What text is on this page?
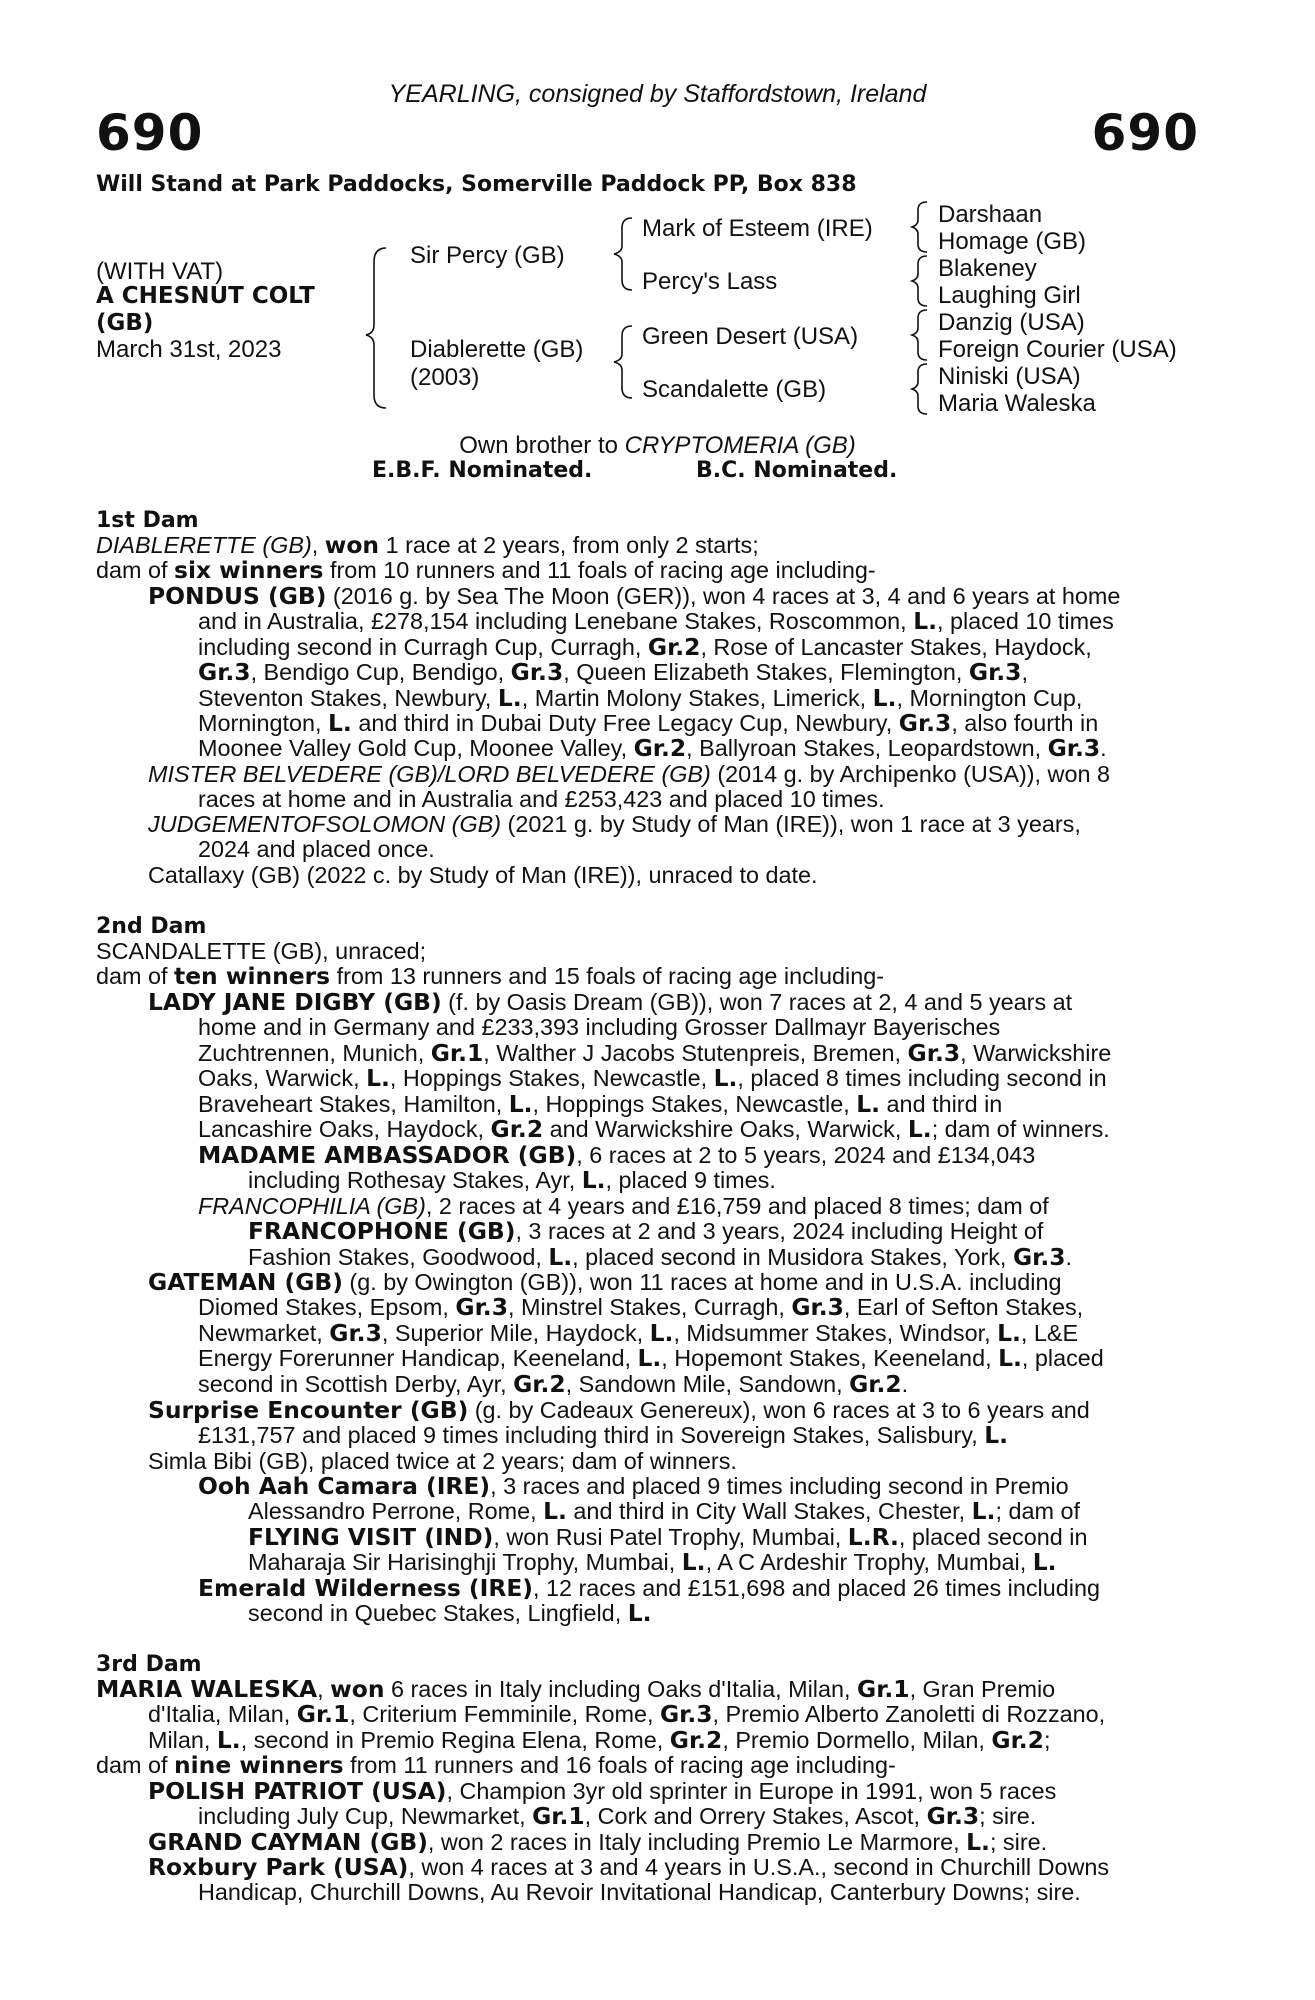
YEARLING, consigned by Staffordstown, Ireland
690	690
Will Stand at Park Paddocks, Somerville Paddock PP, Box 838
(WITH VAT)
A CHESNUT COLT
(GB)
March 31st, 2023
Sir Percy (GB)
Diablerette (GB)
(2003)
Mark of Esteem (IRE)
Percy's Lass
Green Desert (USA)
Scandalette (GB)
Darshaan
Homage (GB)
Blakeney
Laughing Girl
Danzig (USA)
Foreign Courier (USA)
Niniski (USA)
Maria Waleska
Own brother to CRYPTOMERIA (GB)
E.B.F. Nominated.	B.C. Nominated.
1st Dam
DIABLERETTE (GB), won 1 race at 2 years, from only 2 starts;
dam of six winners from 10 runners and 11 foals of racing age including-
PONDUS (GB) (2016 g. by Sea The Moon (GER)), won 4 races at 3, 4 and 6 years at home
and in Australia, £278,154 including Lenebane Stakes, Roscommon, L., placed 10 times
including second in Curragh Cup, Curragh, Gr.2, Rose of Lancaster Stakes, Haydock,
Gr.3, Bendigo Cup, Bendigo, Gr.3, Queen Elizabeth Stakes, Flemington, Gr.3,
Steventon Stakes, Newbury, L., Martin Molony Stakes, Limerick, L., Mornington Cup,
Mornington, L. and third in Dubai Duty Free Legacy Cup, Newbury, Gr.3, also fourth in
Moonee Valley Gold Cup, Moonee Valley, Gr.2, Ballyroan Stakes, Leopardstown, Gr.3.
MISTER BELVEDERE (GB)/LORD BELVEDERE (GB) (2014 g. by Archipenko (USA)), won 8
races at home and in Australia and £253,423 and placed 10 times.
JUDGEMENTOFSOLOMON (GB) (2021 g. by Study of Man (IRE)), won 1 race at 3 years,
2024 and placed once.
Catallaxy (GB) (2022 c. by Study of Man (IRE)), unraced to date.
2nd Dam
SCANDALETTE (GB), unraced;
dam of ten winners from 13 runners and 15 foals of racing age including-
LADY JANE DIGBY (GB) (f. by Oasis Dream (GB)), won 7 races at 2, 4 and 5 years at
home and in Germany and £233,393 including Grosser Dallmayr Bayerisches
Zuchtrennen, Munich, Gr.1, Walther J Jacobs Stutenpreis, Bremen, Gr.3, Warwickshire
Oaks, Warwick, L., Hoppings Stakes, Newcastle, L., placed 8 times including second in
Braveheart Stakes, Hamilton, L., Hoppings Stakes, Newcastle, L. and third in
Lancashire Oaks, Haydock, Gr.2 and Warwickshire Oaks, Warwick, L.; dam of winners.
MADAME AMBASSADOR (GB), 6 races at 2 to 5 years, 2024 and £134,043
including Rothesay Stakes, Ayr, L., placed 9 times.
FRANCOPHILIA (GB), 2 races at 4 years and £16,759 and placed 8 times; dam of
FRANCOPHONE (GB), 3 races at 2 and 3 years, 2024 including Height of
Fashion Stakes, Goodwood, L., placed second in Musidora Stakes, York, Gr.3.
GATEMAN (GB) (g. by Owington (GB)), won 11 races at home and in U.S.A. including
Diomed Stakes, Epsom, Gr.3, Minstrel Stakes, Curragh, Gr.3, Earl of Sefton Stakes,
Newmarket, Gr.3, Superior Mile, Haydock, L., Midsummer Stakes, Windsor, L., L&E
Energy Forerunner Handicap, Keeneland, L., Hopemont Stakes, Keeneland, L., placed
second in Scottish Derby, Ayr, Gr.2, Sandown Mile, Sandown, Gr.2.
Surprise Encounter (GB) (g. by Cadeaux Genereux), won 6 races at 3 to 6 years and
£131,757 and placed 9 times including third in Sovereign Stakes, Salisbury, L.
Simla Bibi (GB), placed twice at 2 years; dam of winners.
Ooh Aah Camara (IRE), 3 races and placed 9 times including second in Premio
Alessandro Perrone, Rome, L. and third in City Wall Stakes, Chester, L.; dam of
FLYING VISIT (IND), won Rusi Patel Trophy, Mumbai, L.R., placed second in
Maharaja Sir Harisinghji Trophy, Mumbai, L., A C Ardeshir Trophy, Mumbai, L.
Emerald Wilderness (IRE), 12 races and £151,698 and placed 26 times including
second in Quebec Stakes, Lingfield, L.
3rd Dam
MARIA WALESKA, won 6 races in Italy including Oaks d'Italia, Milan, Gr.1, Gran Premio
d'Italia, Milan, Gr.1, Criterium Femminile, Rome, Gr.3, Premio Alberto Zanoletti di Rozzano,
Milan, L., second in Premio Regina Elena, Rome, Gr.2, Premio Dormello, Milan, Gr.2;
dam of nine winners from 11 runners and 16 foals of racing age including-
POLISH PATRIOT (USA), Champion 3yr old sprinter in Europe in 1991, won 5 races
including July Cup, Newmarket, Gr.1, Cork and Orrery Stakes, Ascot, Gr.3; sire.
GRAND CAYMAN (GB), won 2 races in Italy including Premio Le Marmore, L.; sire.
Roxbury Park (USA), won 4 races at 3 and 4 years in U.S.A., second in Churchill Downs
Handicap, Churchill Downs, Au Revoir Invitational Handicap, Canterbury Downs; sire.
